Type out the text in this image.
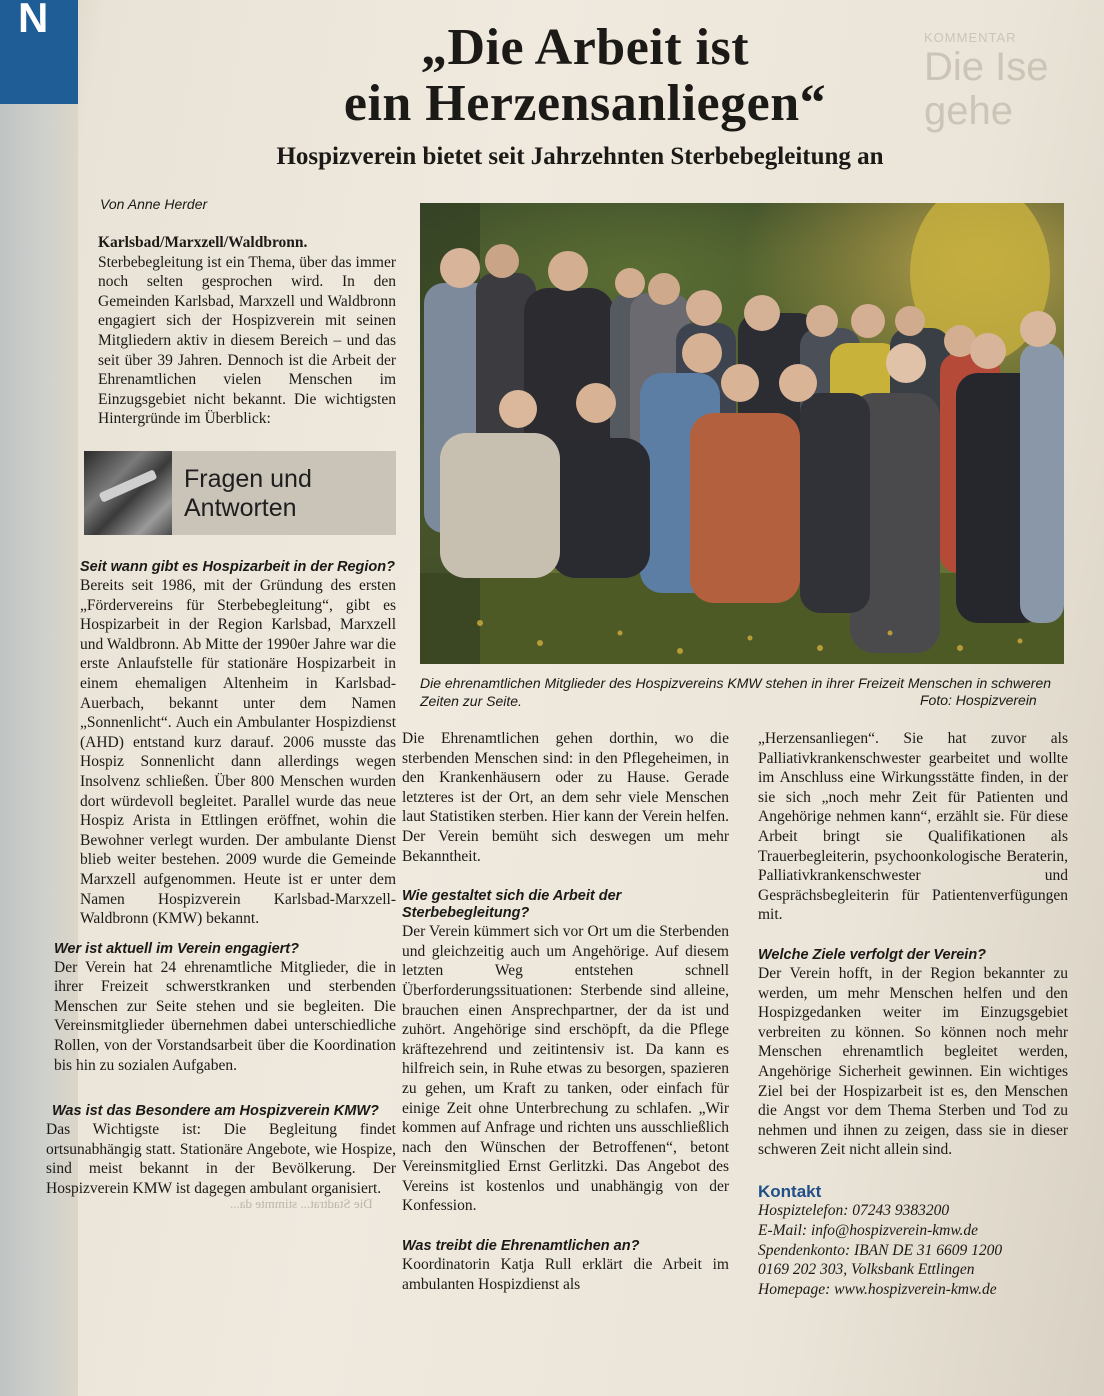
N	KOMMENTAR
Die Ise gehe
„Die Arbeit ist
ein Herzensanliegen“
Hospizverein bietet seit Jahrzehnten Sterbebegleitung an
Von Anne Herder

Karlsbad/Marxzell/Waldbronn. Sterbebegleitung ist ein Thema, über das immer noch selten gesprochen wird. In den Gemeinden Karlsbad, Marxzell und Waldbronn engagiert sich der Hospizverein mit seinen Mitgliedern aktiv in diesem Bereich – und das seit über 39 Jahren. Dennoch ist die Arbeit der Ehrenamtlichen vielen Menschen im Einzugsgebiet nicht bekannt. Die wichtigsten Hintergründe im Überblick:

Fragen und
Antworten
Seit wann gibt es Hospizarbeit in der Region?

Bereits seit 1986, mit der Gründung des ersten „Fördervereins für Sterbebegleitung“, gibt es Hospizarbeit in der Region Karlsbad, Marxzell und Waldbronn. Ab Mitte der 1990er Jahre war die erste Anlaufstelle für stationäre Hospizarbeit in einem ehemaligen Altenheim in Karlsbad-Auerbach, bekannt unter dem Namen „Sonnenlicht“. Auch ein Ambulanter Hospizdienst (AHD) entstand kurz darauf. 2006 musste das Hospiz Sonnenlicht dann allerdings wegen Insolvenz schließen. Über 800 Menschen wurden dort würdevoll begleitet. Parallel wurde das neue Hospiz Arista in Ettlingen eröffnet, wohin die Bewohner verlegt wurden. Der ambulante Dienst blieb weiter bestehen. 2009 wurde die Gemeinde Marxzell aufgenommen. Heute ist er unter dem Namen Hospizverein Karlsbad-Marxzell-Waldbronn (KMW) bekannt.

Wer ist aktuell im Verein engagiert?

Der Verein hat 24 ehrenamtliche Mitglieder, die in ihrer Freizeit schwerstkranken und sterbenden Menschen zur Seite stehen und sie begleiten. Die Vereinsmitglieder übernehmen dabei unterschiedliche Rollen, von der Vorstandsarbeit über die Koordination bis hin zu sozialen Aufgaben.

Was ist das Besondere am Hospizverein KMW?

Das Wichtigste ist: Die Begleitung findet ortsunabhängig statt. Stationäre Angebote, wie Hospize, sind meist bekannt in der Bevölkerung. Der Hospizverein KMW ist dagegen ambulant organisiert.

Die Stadtrat... stimmte da...
Die ehrenamtlichen Mitglieder des Hospizvereins KMW stehen in ihrer Freizeit Menschen in schweren Zeiten zur Seite.	Foto: Hospizverein

Die Ehrenamtlichen gehen dorthin, wo die sterbenden Menschen sind: in den Pflegeheimen, in den Krankenhäusern oder zu Hause. Gerade letzteres ist der Ort, an dem sehr viele Menschen laut Statistiken sterben. Hier kann der Verein helfen. Der Verein bemüht sich deswegen um mehr Bekanntheit.

Wie gestaltet sich die Arbeit der Sterbebegleitung?

Der Verein kümmert sich vor Ort um die Sterbenden und gleichzeitig auch um Angehörige. Auf diesem letzten Weg entstehen schnell Überforderungssituationen: Sterbende sind alleine, brauchen einen Ansprechpartner, der da ist und zuhört. Angehörige sind erschöpft, da die Pflege kräftezehrend und zeitintensiv ist. Da kann es hilfreich sein, in Ruhe etwas zu besorgen, spazieren zu gehen, um Kraft zu tanken, oder einfach für einige Zeit ohne Unterbrechung zu schlafen. „Wir kommen auf Anfrage und richten uns ausschließlich nach den Wünschen der Betroffenen“, betont Vereinsmitglied Ernst Gerlitzki. Das Angebot des Vereins ist kostenlos und unabhängig von der Konfession.

Was treibt die Ehrenamtlichen an?

Koordinatorin Katja Rull erklärt die Arbeit im ambulanten Hospizdienst als

„Herzensanliegen“. Sie hat zuvor als Palliativkrankenschwester gearbeitet und wollte im Anschluss eine Wirkungsstätte finden, in der sie sich „noch mehr Zeit für Patienten und Angehörige nehmen kann“, erzählt sie. Für diese Arbeit bringt sie Qualifikationen als Trauerbegleiterin, psychoonkologische Beraterin, Palliativkrankenschwester und Gesprächsbegleiterin für Patientenverfügungen mit.

Welche Ziele verfolgt der Verein?

Der Verein hofft, in der Region bekannter zu werden, um mehr Menschen helfen und den Hospizgedanken weiter im Einzugsgebiet verbreiten zu können. So können noch mehr Menschen ehrenamtlich begleitet werden, Angehörige Sicherheit gewinnen. Ein wichtiges Ziel bei der Hospizarbeit ist es, den Menschen die Angst vor dem Thema Sterben und Tod zu nehmen und ihnen zu zeigen, dass sie in dieser schweren Zeit nicht allein sind.

Kontakt
Hospiztelefon: 07243 9383200
E-Mail: info@hospizverein-kmw.de
Spendenkonto: IBAN DE 31 6609 1200
0169 202 303, Volksbank Ettlingen
Homepage: www.hospizverein-kmw.de
